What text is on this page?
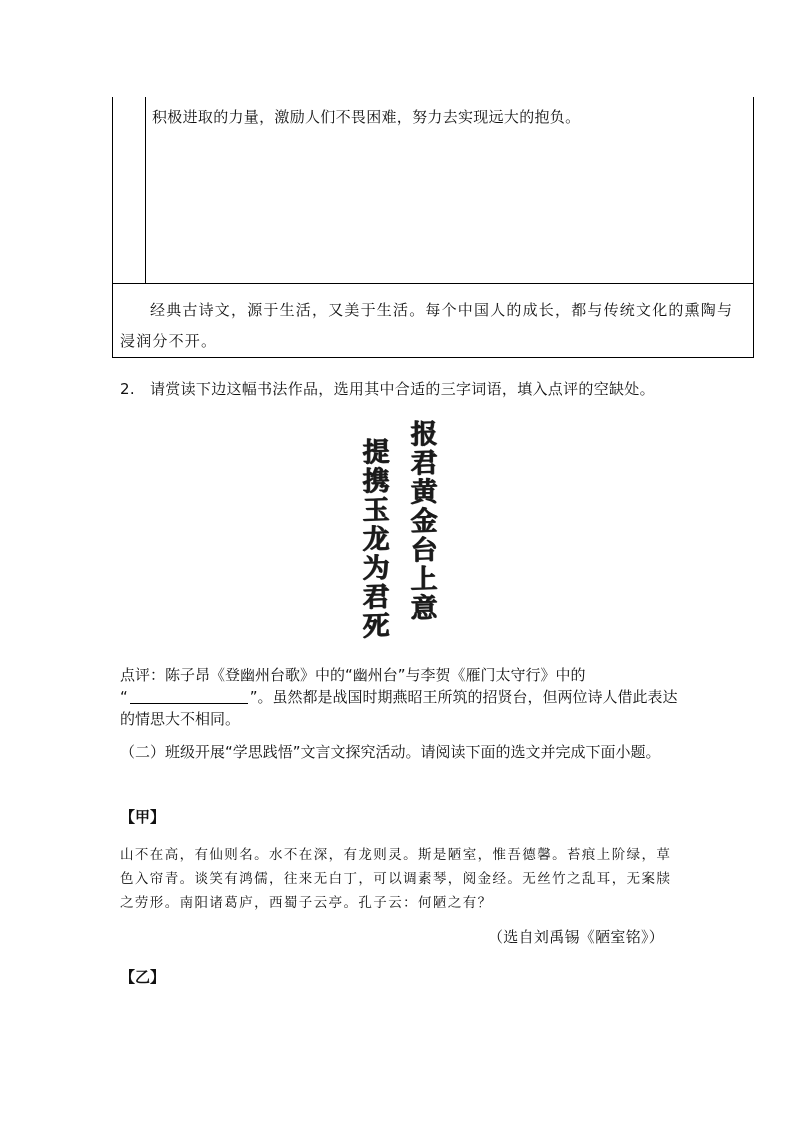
积极进取的力量，激励人们不畏困难，努力去实现远大的抱负。
经典古诗文，源于生活，又美于生活。每个中国人的成长，都与传统文化的熏陶与浸润分不开。
2. 请赏读下边这幅书法作品，选用其中合适的三字词语，填入点评的空缺处。
报
君
黄
金
台
上
意
提
携
玉
龙
为
君
死
点评：陈子昂《登幽州台歌》中的“幽州台”与李贺《雁门太守行》中的
“	”。虽然都是战国时期燕昭王所筑的招贤台，但两位诗人借此表达的情思大不相同。
（二）班级开展“学思践悟”文言文探究活动。请阅读下面的选文并完成下面小题。
【甲】
山不在高，有仙则名。水不在深，有龙则灵。斯是陋室，惟吾德馨。苔痕上阶绿，草色入帘青。谈笑有鸿儒，往来无白丁，可以调素琴，阅金经。无丝竹之乱耳，无案牍之劳形。南阳诸葛庐，西蜀子云亭。孔子云：何陋之有？
（选自刘禹锡《陋室铭》）
【乙】
